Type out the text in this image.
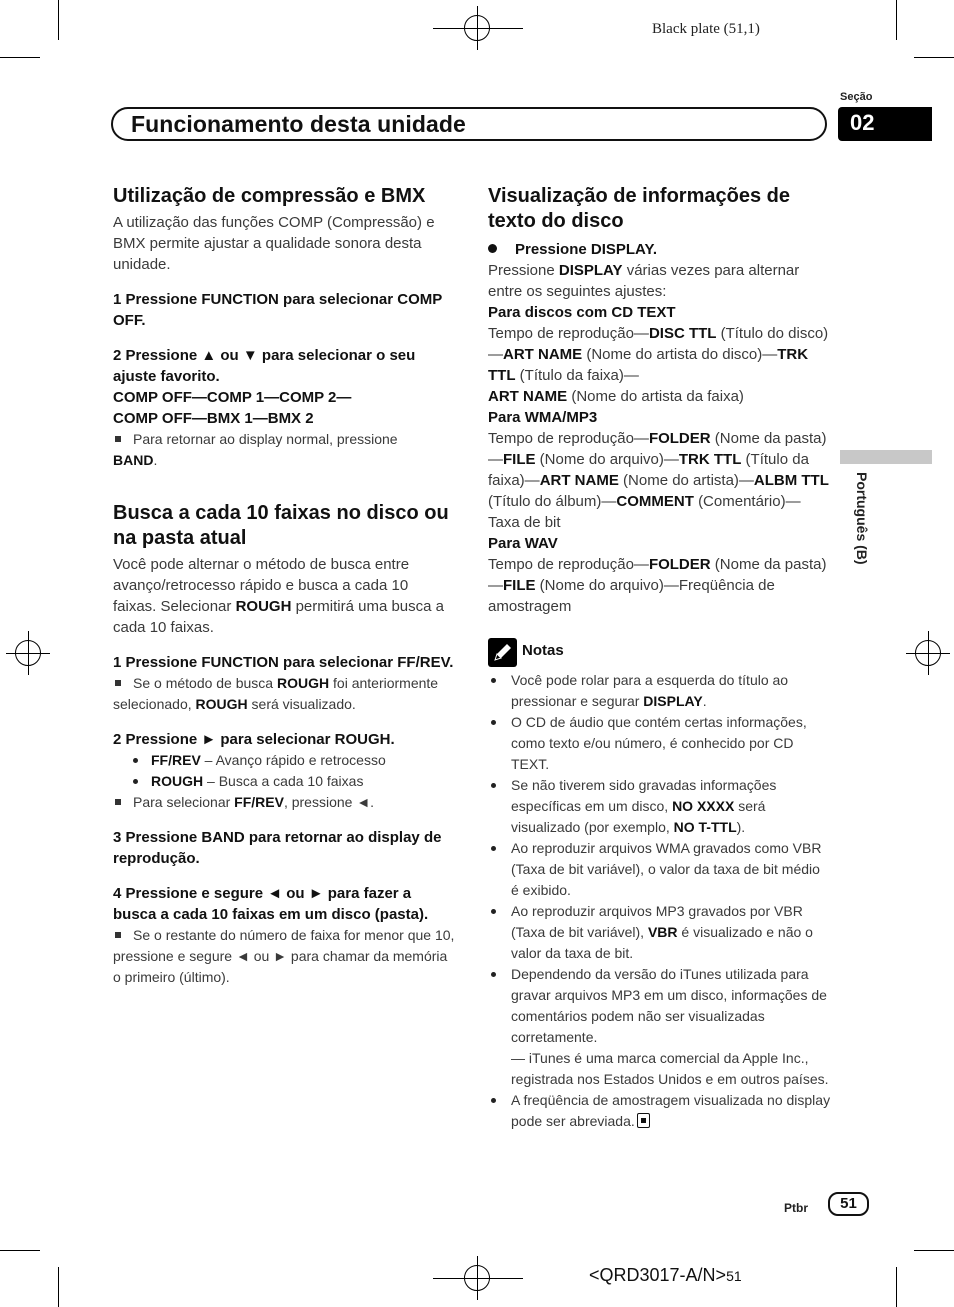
Black plate (51,1)
Funcionamento desta unidade
Seção
02
Português (B)

Utilização de compressão e BMX

A utilização das funções COMP (Compressão) e BMX permite ajustar a qualidade sonora desta unidade.

1 Pressione FUNCTION para selecionar COMP OFF.

2 Pressione ▲ ou ▼ para selecionar o seu ajuste favorito.

COMP OFF—COMP 1—COMP 2—
COMP OFF—BMX 1—BMX 2

Para retornar ao display normal, pressione
BAND.

Busca a cada 10 faixas no disco ou na pasta atual

Você pode alternar o método de busca entre avanço/retrocesso rápido e busca a cada 10 faixas. Selecionar ROUGH permitirá uma busca a cada 10 faixas.

1 Pressione FUNCTION para selecionar FF/REV.

Se o método de busca ROUGH foi anteriormente selecionado, ROUGH será visualizado.

2 Pressione ► para selecionar ROUGH.

FF/REV – Avanço rápido e retrocesso

ROUGH – Busca a cada 10 faixas

Para selecionar FF/REV, pressione ◄.

3 Pressione BAND para retornar ao display de reprodução.

4 Pressione e segure ◄ ou ► para fazer a busca a cada 10 faixas em um disco (pasta).

Se o restante do número de faixa for menor que 10, pressione e segure ◄ ou ► para chamar da memória o primeiro (último).

Visualização de informações de texto do disco

Pressione DISPLAY.

Pressione DISPLAY várias vezes para alternar entre os seguintes ajustes:

Para discos com CD TEXT

Tempo de reprodução—DISC TTL (Título do disco)—ART NAME (Nome do artista do disco)—TRK TTL (Título da faixa)—
ART NAME (Nome do artista da faixa)

Para WMA/MP3

Tempo de reprodução—FOLDER (Nome da pasta)—FILE (Nome do arquivo)—TRK TTL (Título da faixa)—ART NAME (Nome do artista)—ALBM TTL (Título do álbum)—COMMENT (Comentário)—Taxa de bit

Para WAV

Tempo de reprodução—FOLDER (Nome da pasta)—FILE (Nome do arquivo)—Freqüência de amostragem

Notas
Você pode rolar para a esquerda do título ao pressionar e segurar DISPLAY.
O CD de áudio que contém certas informações, como texto e/ou número, é conhecido por CD TEXT.
Se não tiverem sido gravadas informações específicas em um disco, NO XXXX será visualizado (por exemplo, NO T-TTL).
Ao reproduzir arquivos WMA gravados como VBR (Taxa de bit variável), o valor da taxa de bit médio é exibido.
Ao reproduzir arquivos MP3 gravados por VBR (Taxa de bit variável), VBR é visualizado e não o valor da taxa de bit.
Dependendo da versão do iTunes utilizada para gravar arquivos MP3 em um disco, informações de comentários podem não ser visualizadas corretamente.
— iTunes é uma marca comercial da Apple Inc., registrada nos Estados Unidos e em outros países.
A freqüência de amostragem visualizada no display pode ser abreviada.
Ptbr	51
<QRD3017-A/N>51
